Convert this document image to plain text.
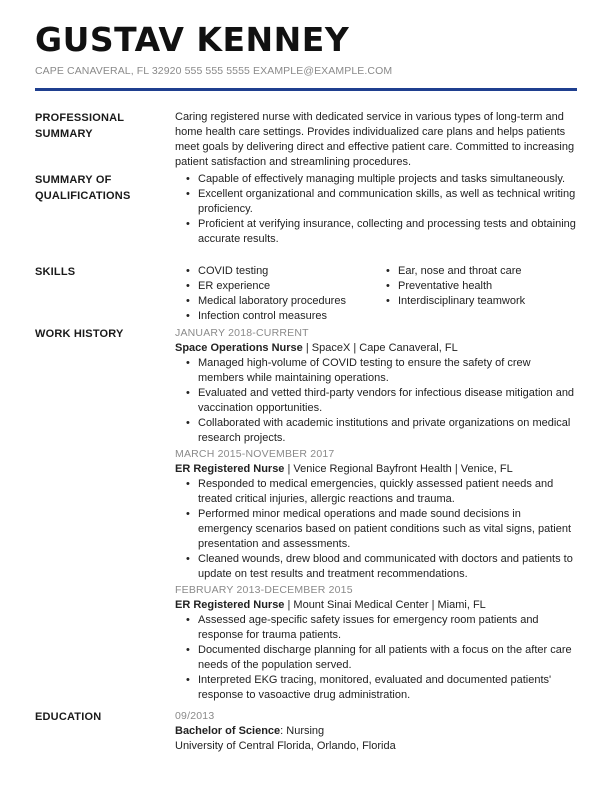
GUSTAV KENNEY
CAPE CANAVERAL, FL 32920 555 555 5555 EXAMPLE@EXAMPLE.COM
PROFESSIONAL SUMMARY
Caring registered nurse with dedicated service in various types of long-term and home health care settings. Provides individualized care plans and helps patients meet goals by delivering direct and effective patient care. Committed to increasing patient satisfaction and streamlining procedures.
SUMMARY OF QUALIFICATIONS
• Capable of effectively managing multiple projects and tasks simultaneously.
• Excellent organizational and communication skills, as well as technical writing proficiency.
• Proficient at verifying insurance, collecting and processing tests and obtaining accurate results.
SKILLS
•	COVID testing
• ER experience
• Medical laboratory procedures
• Infection control measures
• Ear, nose and throat care
• Preventative health
• Interdisciplinary teamwork
WORK HISTORY	JANUARY 2018-CURRENT
Space Operations Nurse | SpaceX | Cape Canaveral, FL
• Managed high-volume of COVID testing to ensure the safety of crew members while maintaining operations.
• Evaluated and vetted third-party vendors for infectious disease mitigation and vaccination opportunities.
• Collaborated with academic institutions and private organizations on medical research projects.
MARCH 2015-NOVEMBER 2017
ER Registered Nurse | Venice Regional Bayfront Health | Venice, FL
• Responded to medical emergencies, quickly assessed patient needs and treated critical injuries, allergic reactions and trauma.
• Performed minor medical operations and made sound decisions in emergency scenarios based on patient conditions such as vital signs, patient presentation and assessments.
• Cleaned wounds, drew blood and communicated with doctors and patients to update on test results and treatment recommendations.
FEBRUARY 2013-DECEMBER 2015
ER Registered Nurse | Mount Sinai Medical Center | Miami, FL
• Assessed age-specific safety issues for emergency room patients and response for trauma patients.
• Documented discharge planning for all patients with a focus on the after care needs of the population served.
• Interpreted EKG tracing, monitored, evaluated and documented patients' response to vasoactive drug administration.
EDUCATION	09/2013
Bachelor of Science: Nursing
University of Central Florida, Orlando, Florida
